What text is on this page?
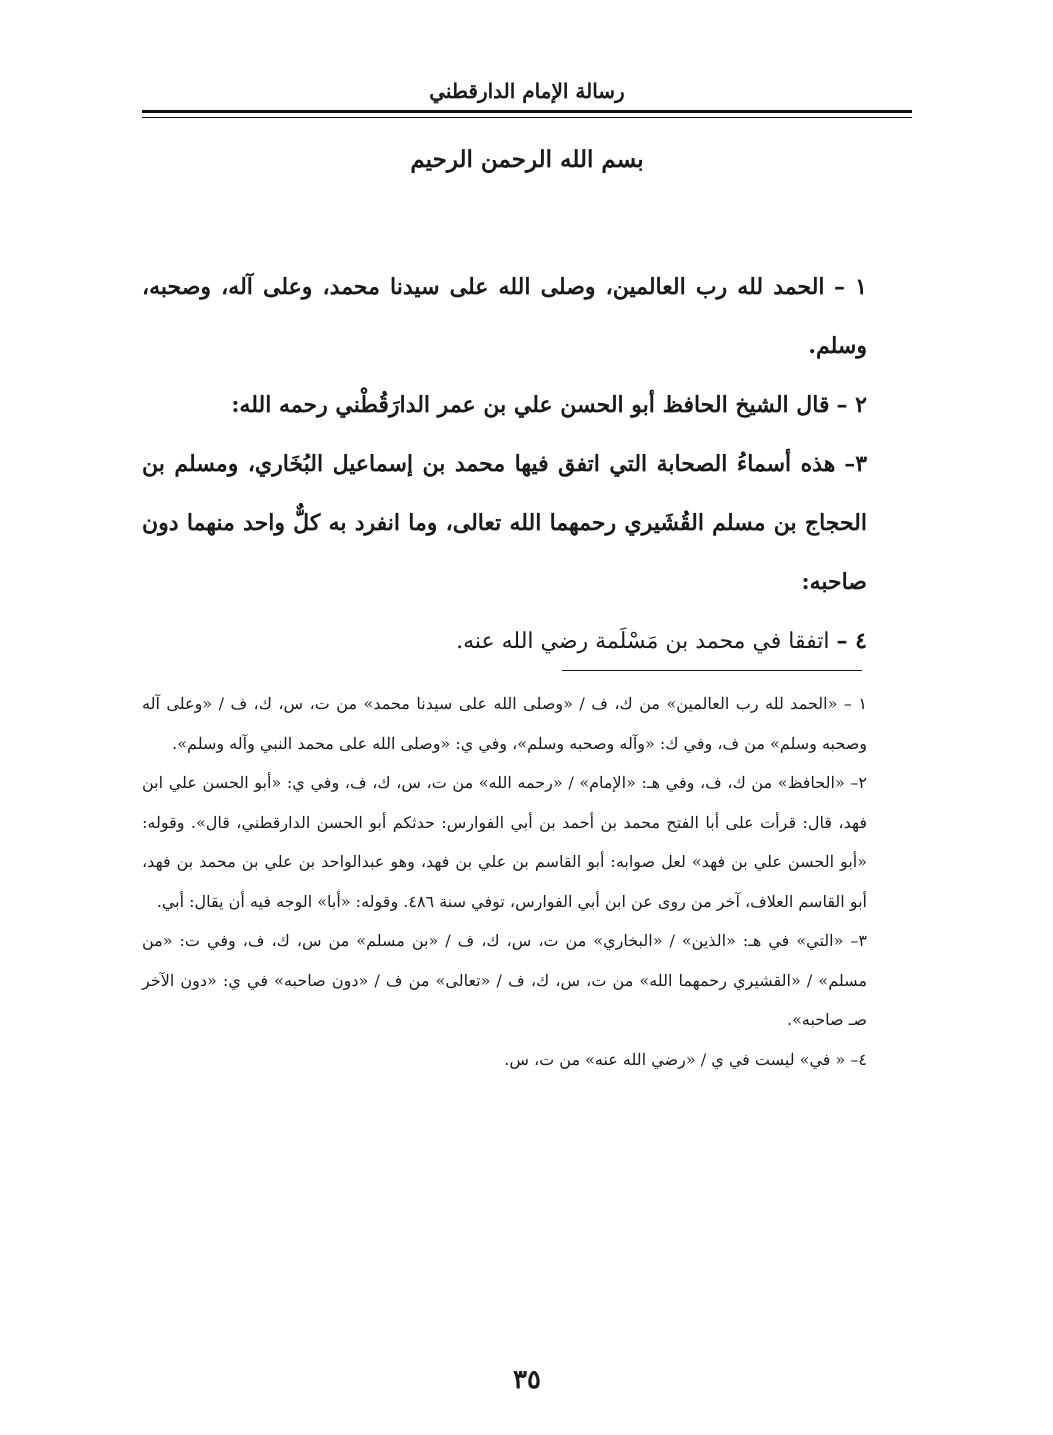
رسالة الإمام الدارقطني
بسم الله الرحمن الرحيم

١ – الحمد لله رب العالمين، وصلى الله على سيدنا محمد، وعلى آله، وصحبه، وسلم.

٢ – قال الشيخ الحافظ أبو الحسن علي بن عمر الدارَقُطْني رحمه الله:

٣– هذه أسماءُ الصحابة التي اتفق فيها محمد بن إسماعيل البُخَاري، ومسلم بن الحجاج بن مسلم القُشَيري رحمهما الله تعالى، وما انفرد به كلٌّ واحد منهما دون صاحبه:

٤ – اتفقا في محمد بن مَسْلَمة رضي الله عنه.

١ – «الحمد لله رب العالمين» من ك، ف / «وصلى الله على سيدنا محمد» من ت، س، ك، ف / «وعلى آله وصحبه وسلم» من ف، وفي ك: «وآله وصحبه وسلم»، وفي ي: «وصلى الله على محمد النبي وآله وسلم».

٢– «الحافظ» من ك، ف، وفي هـ: «الإمام» / «رحمه الله» من ت، س، ك، ف، وفي ي: «أبو الحسن علي ابن فهد، قال: قرأت على أبا الفتح محمد بن أحمد بن أبي الفوارس: حدثكم أبو الحسن الدارقطني، قال». وقوله: «أبو الحسن علي بن فهد» لعل صوابه: أبو القاسم بن علي بن فهد، وهو عبدالواحد بن علي بن محمد بن فهد، أبو القاسم العلاف، آخر من روى عن ابن أبي الفوارس، توفي سنة ٤٨٦. وقوله: «أبا» الوجه فيه أن يقال: أبي.

٣– «التي» في هـ: «الذين» / «البخاري» من ت، س، ك، ف / «بن مسلم» من س، ك، ف، وفي ت: «من مسلم» / «القشيري رحمهما الله» من ت، س، ك، ف / «تعالى» من ف / «دون صاحبه» في ي: «دون الآخر صـ صاحبه».

٤– « في» ليست في ي / «رضي الله عنه» من ت، س.

٣٥
